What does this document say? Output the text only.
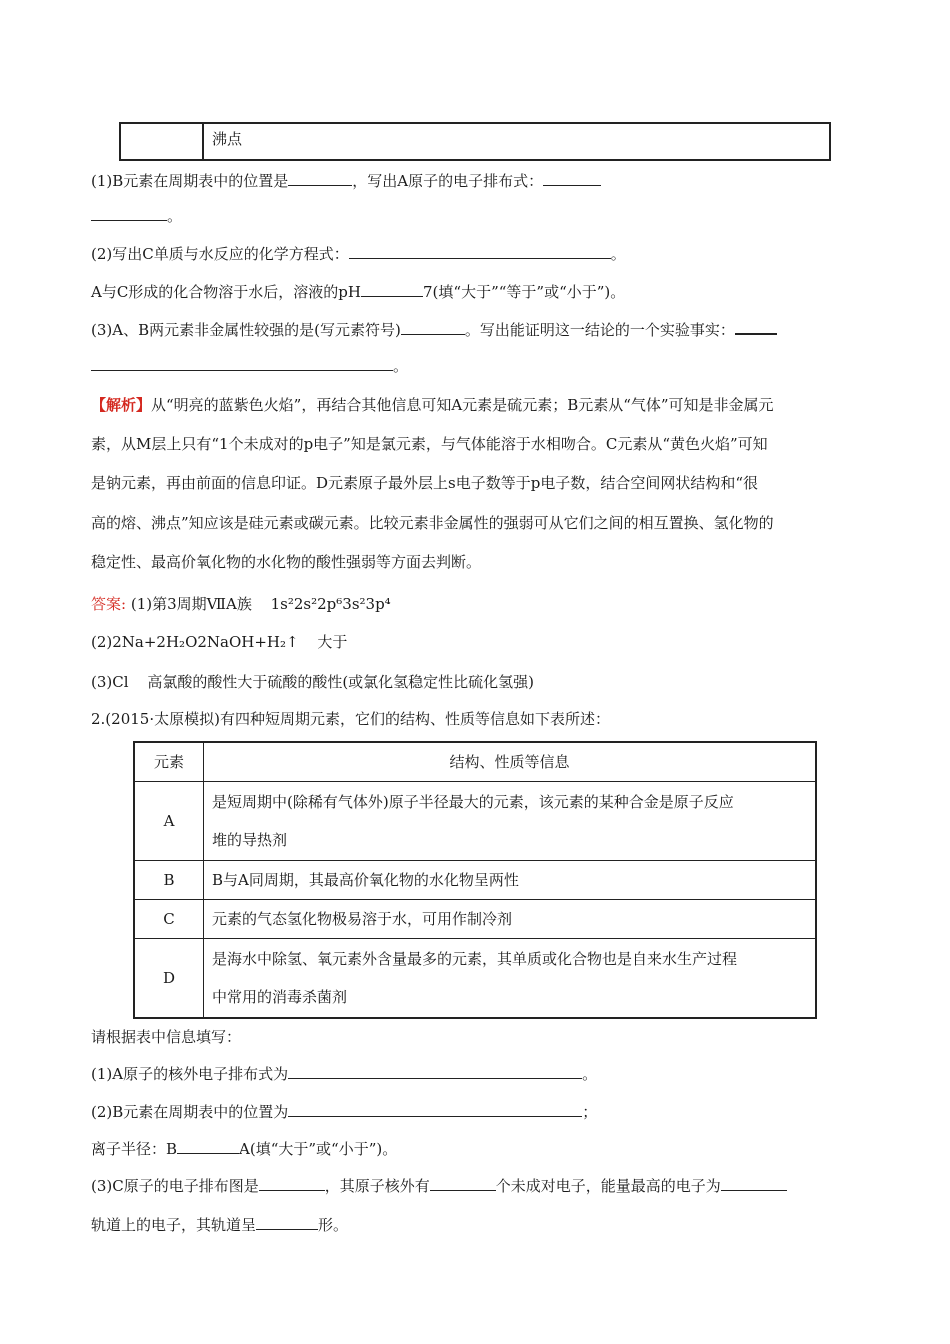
	沸点
(1)B元素在周期表中的位置是	，写出A原子的电子排布式：
。
(2)写出C单质与水反应的化学方程式：	。
A与C形成的化合物溶于水后，溶液的pH	7(填“大于”“等于”或“小于”)。
(3)A、B两元素非金属性较强的是(写元素符号)	。写出能证明这一结论的一个实验事实：
。
【解析】从“明亮的蓝紫色火焰”，再结合其他信息可知A元素是硫元素；B元素从“气体”可知是非金属元
素，从M层上只有“1个未成对的p电子”知是氯元素，与气体能溶于水相吻合。C元素从“黄色火焰”可知
是钠元素，再由前面的信息印证。D元素原子最外层上s电子数等于p电子数，结合空间网状结构和“很
高的熔、沸点”知应该是硅元素或碳元素。比较元素非金属性的强弱可从它们之间的相互置换、氢化物的
稳定性、最高价氧化物的水化物的酸性强弱等方面去判断。
答案: (1)第3周期ⅦA族 1s²2s²2p⁶3s²3p⁴
(2)2Na+2H₂O2NaOH+H₂↑ 大于
(3)Cl 高氯酸的酸性大于硫酸的酸性(或氯化氢稳定性比硫化氢强)
2.(2015·太原模拟)有四种短周期元素，它们的结构、性质等信息如下表所述：
元素	结构、性质等信息
A	是短周期中(除稀有气体外)原子半径最大的元素，该元素的某种合金是原子反应
堆的导热剂

B	B与A同周期，其最高价氧化物的水化物呈两性
C	元素的气态氢化物极易溶于水，可用作制冷剂
D	是海水中除氢、氧元素外含量最多的元素，其单质或化合物也是自来水生产过程
中常用的消毒杀菌剂
请根据表中信息填写：
(1)A原子的核外电子排布式为	。
(2)B元素在周期表中的位置为	；
离子半径：B	A(填“大于”或“小于”)。
(3)C原子的电子排布图是	，其原子核外有	个未成对电子，能量最高的电子为
轨道上的电子，其轨道呈	形。
